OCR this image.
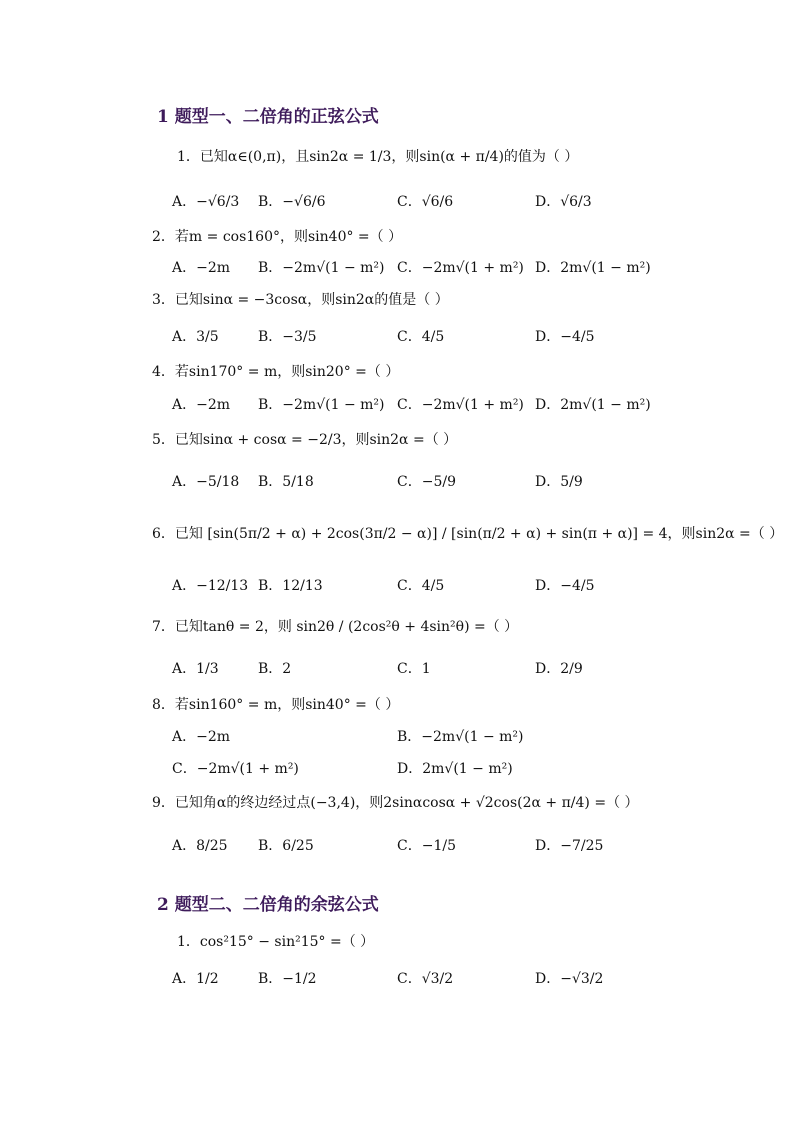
1 题型一、二倍角的正弦公式
1．已知α∈(0,π)，且sin2α = 1/3，则sin(α + π/4)的值为（ ）
A．−√6/3 B．−√6/6	C．√6/6	D．√6/3
2．若m = cos160°，则sin40° =（ ）
A．−2m B．−2m√(1 − m²) C．−2m√(1 + m²) D．2m√(1 − m²)
3．已知sinα = −3cosα，则sin2α的值是（ ）
A．3/5	B．−3/5	C．4/5	D．−4/5
4．若sin170° = m，则sin20° =（ ）
A．−2m B．−2m√(1 − m²) C．−2m√(1 + m²) D．2m√(1 − m²)
5．已知sinα + cosα = −2/3，则sin2α =（ ）
A．−5/18 B．5/18	C．−5/9	D．5/9
6．已知 [sin(5π/2 + α) + 2cos(3π/2 − α)] / [sin(π/2 + α) + sin(π + α)] = 4，则sin2α =（ ）
A．−12/13 B．12/13	C．4/5	D．−4/5
7．已知tanθ = 2，则 sin2θ / (2cos²θ + 4sin²θ) =（ ）
A．1/3	B．2	C．1	D．2/9
8．若sin160° = m，则sin40° =（ ）
A．−2m	B．−2m√(1 − m²)
C．−2m√(1 + m²)	D．2m√(1 − m²)
9．已知角α的终边经过点(−3,4)，则2sinαcosα + √2cos(2α + π/4) =（ ）
A．8/25 B．6/25	C．−1/5	D．−7/25
2 题型二、二倍角的余弦公式
1．cos²15° − sin²15° =（ ）
A．1/2	B．−1/2	C．√3/2	D．−√3/2
